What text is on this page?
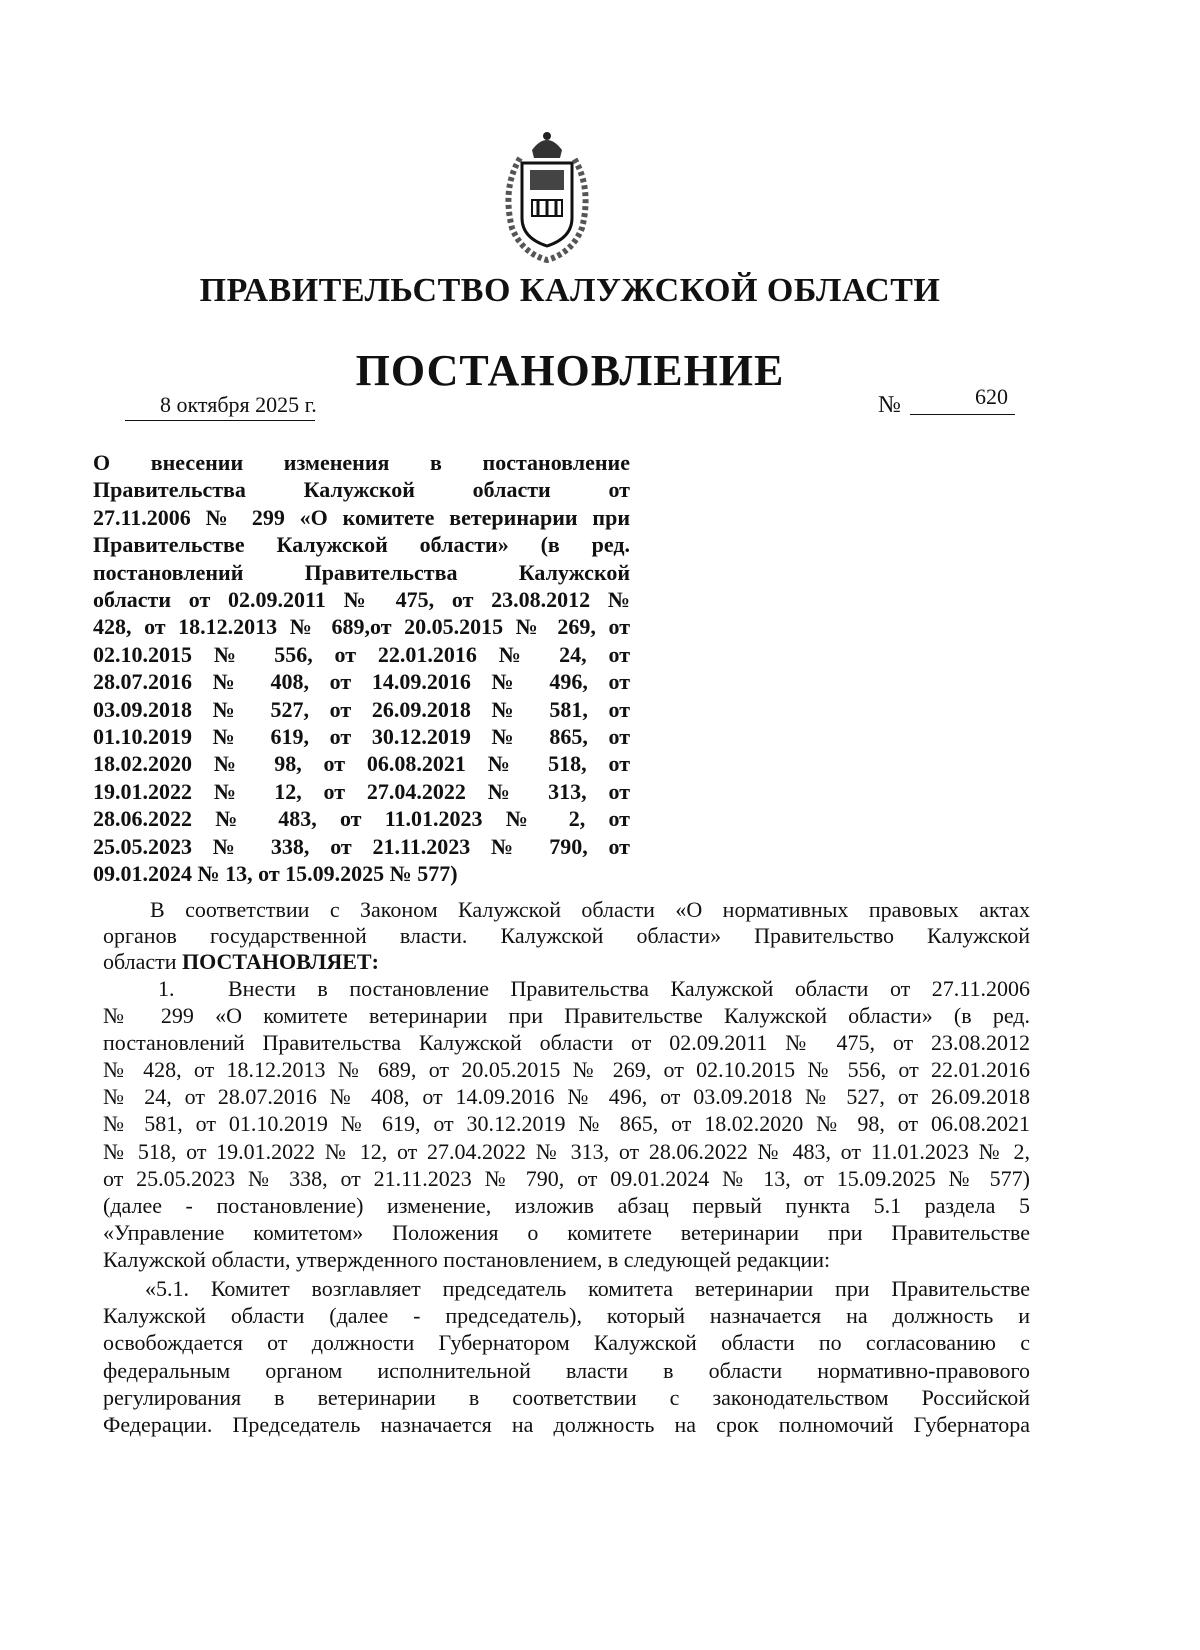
ПРАВИТЕЛЬСТВО КАЛУЖСКОЙ ОБЛАСТИ
ПОСТАНОВЛЕНИЕ
8 октября 2025 г.	№	620
О внесении изменения в постановление
Правительства Калужской области от
27.11.2006 № 299 «О комитете ветеринарии при
Правительстве Калужской области» (в ред.
постановлений Правительства Калужской
области от 02.09.2011 № 475, от 23.08.2012 №
428, от 18.12.2013 № 689,от 20.05.2015 № 269, от
02.10.2015 № 556, от 22.01.2016 № 24, от
28.07.2016 № 408, от 14.09.2016 № 496, от
03.09.2018 № 527, от 26.09.2018 № 581, от
01.10.2019 № 619, от 30.12.2019 № 865, от
18.02.2020 № 98, от 06.08.2021 № 518, от
19.01.2022 № 12, от 27.04.2022 № 313, от
28.06.2022 № 483, от 11.01.2023 № 2, от
25.05.2023 № 338, от 21.11.2023 № 790, от
09.01.2024 № 13, от 15.09.2025 № 577)
В соответствии с Законом Калужской области «О нормативных правовых актах
органов государственной власти. Калужской области» Правительство Калужской
области ПОСТАНОВЛЯЕТ:
1. Внести в постановление Правительства Калужской области от 27.11.2006
№ 299 «О комитете ветеринарии при Правительстве Калужской области» (в ред.
постановлений Правительства Калужской области от 02.09.2011 № 475, от 23.08.2012
№ 428, от 18.12.2013 № 689, от 20.05.2015 № 269, от 02.10.2015 № 556, от 22.01.2016
№ 24, от 28.07.2016 № 408, от 14.09.2016 № 496, от 03.09.2018 № 527, от 26.09.2018
№ 581, от 01.10.2019 № 619, от 30.12.2019 № 865, от 18.02.2020 № 98, от 06.08.2021
№ 518, от 19.01.2022 № 12, от 27.04.2022 № 313, от 28.06.2022 № 483, от 11.01.2023 № 2,
от 25.05.2023 № 338, от 21.11.2023 № 790, от 09.01.2024 № 13, от 15.09.2025 № 577)
(далее - постановление) изменение, изложив абзац первый пункта 5.1 раздела 5
«Управление комитетом» Положения о комитете ветеринарии при Правительстве
Калужской области, утвержденного постановлением, в следующей редакции:
«5.1. Комитет возглавляет председатель комитета ветеринарии при Правительстве
Калужской области (далее - председатель), который назначается на должность и
освобождается от должности Губернатором Калужской области по согласованию с
федеральным органом исполнительной власти в области нормативно-правового
регулирования в ветеринарии в соответствии с законодательством Российской
Федерации. Председатель назначается на должность на срок полномочий Губернатора
